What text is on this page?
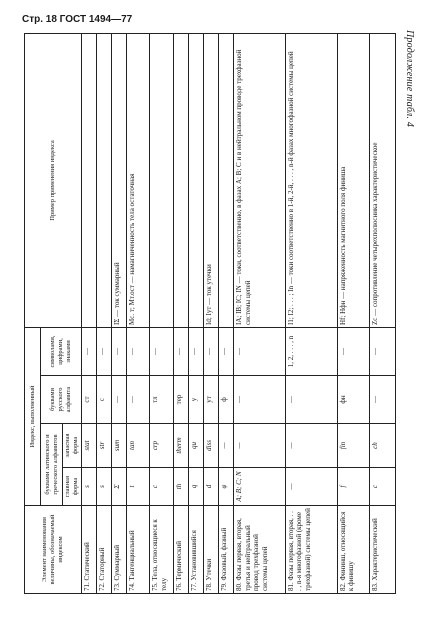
Стр. 18 ГОСТ 1494—77
Продолжение табл. 4
Элемент наименования величины, обозначаемый индексом	Индекс, выполненный				Пример применения индекса
	буквами латинского и греческого алфавитов		буквами русского алфавита	символами, цифрами, знаками	
	главная форма	запасная форма			
71. Статический	s	stat	ст	—	
72. Статорный	s	str	с	—	
73. Суммарный	Σ	sum	—	—	IΣ — ток суммарный
74. Тангенциальный	t	tan	—	—	Mс. т; Mт.ост — намагниченность тела остаточная
75. Тела, относящиеся к телу	c	crp	тл	—	
76. Термический	th	therm	тер	—	
77. Установившийся	q	qu	у	—	
78. Утечки	d	diss	ут	—	Id; Iут — ток утечки
79. Фазовый, фазный	φ	—	ф	—	
80. Фазы первая, вторая, третья и нейтральный провод трехфазной системы цепей	A; B; C; N	—	—	—	IA; IB; IC; IN — токи, соответственно, в фазах A; B; C и в нейтральном проводе трехфазной системы цепей
81. Фазы первая, вторая, . . . , n-я многофазной (кроме трехфазной) системы цепей	—	—	—	1, 2, . . . , n	I1; I2; . . . ; In — токи соответственно в 1-й, 2-й, . . . , n-й фазах многофазной системы цепей
82. Фининш, относящийся к финишу	f	fin	фн	—	Hf; Hфн — напряженность магнитного поля финиша
83. Характеристический	c	ch	—	—	Zc — сопротивление четырехполюсника характеристическое
